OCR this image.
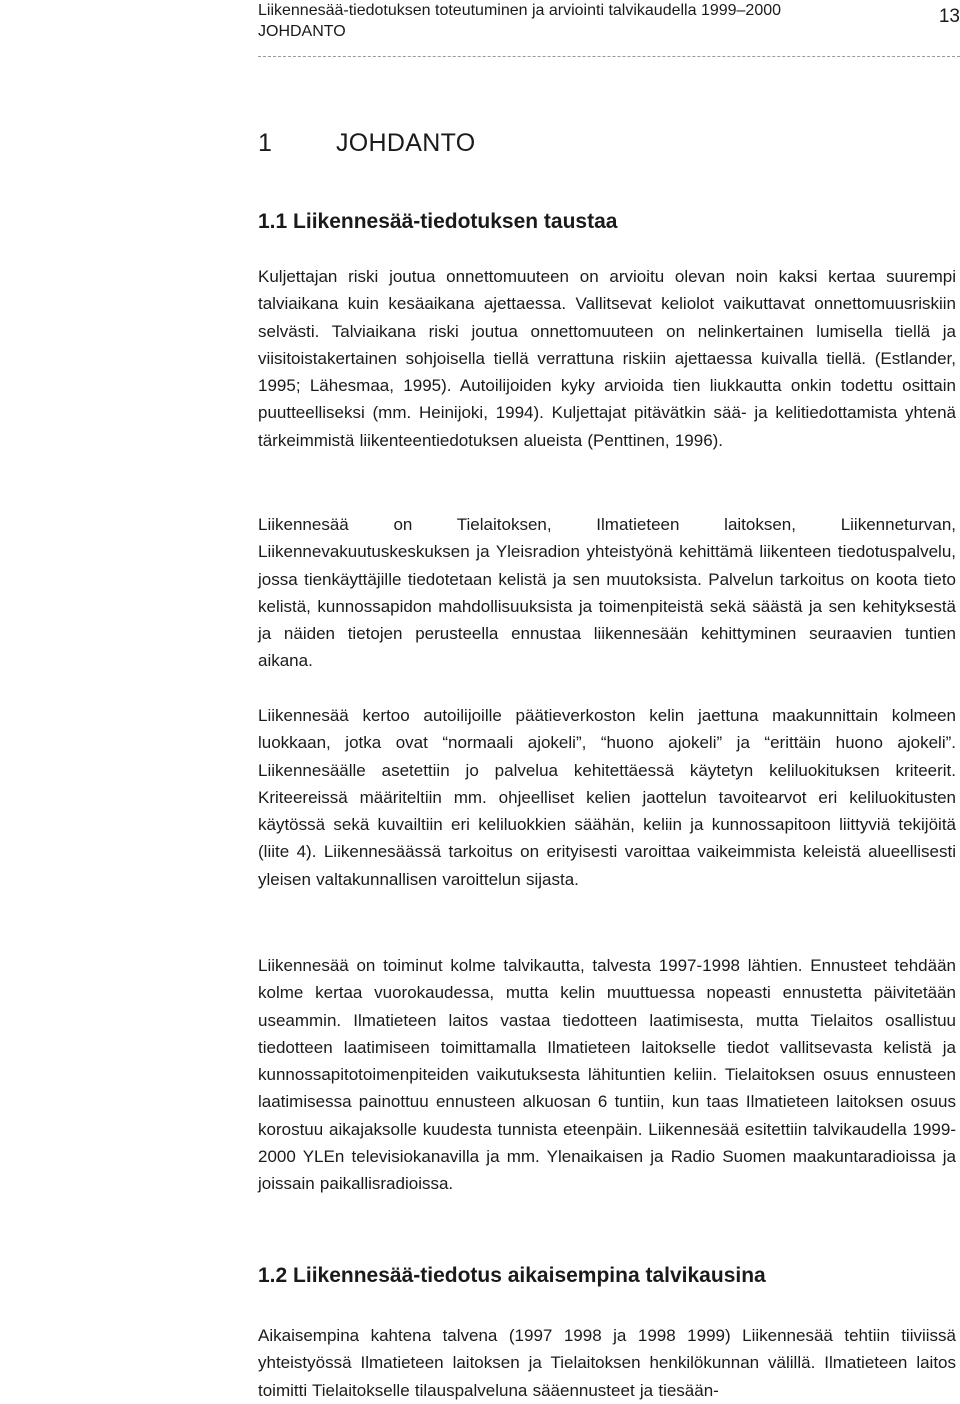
Liikennesää-tiedotuksen toteutuminen ja arviointi talvikaudella 1999–2000
JOHDANTO
13
1	JOHDANTO
1.1 Liikennesää-tiedotuksen taustaa

Kuljettajan riski joutua onnettomuuteen on arvioitu olevan noin kaksi kertaa suurempi talviaikana kuin kesäaikana ajettaessa. Vallitsevat keliolot vaikuttavat onnettomuusriskiin selvästi. Talviaikana riski joutua onnettomuuteen on nelinkertainen lumisella tiellä ja viisitoistakertainen sohjoisella tiellä verrattuna riskiin ajettaessa kuivalla tiellä. (Estlander, 1995; Lähesmaa, 1995). Autoilijoiden kyky arvioida tien liukkautta onkin todettu osittain puutteelliseksi (mm. Heinijoki, 1994). Kuljettajat pitävätkin sää- ja kelitiedottamista yhtenä tärkeimmistä liikenteentiedotuksen alueista (Penttinen, 1996).

Liikennesää on Tielaitoksen, Ilmatieteen laitoksen, Liikenneturvan, Liikennevakuutuskeskuksen ja Yleisradion yhteistyönä kehittämä liikenteen tiedotuspalvelu, jossa tienkäyttäjille tiedotetaan kelistä ja sen muutoksista. Palvelun tarkoitus on koota tieto kelistä, kunnossapidon mahdollisuuksista ja toimenpiteistä sekä säästä ja sen kehityksestä ja näiden tietojen perusteella ennustaa liikennesään kehittyminen seuraavien tuntien aikana.

Liikennesää kertoo autoilijoille päätieverkoston kelin jaettuna maakunnittain kolmeen luokkaan, jotka ovat “normaali ajokeli”, “huono ajokeli” ja “erittäin huono ajokeli”. Liikennesäälle asetettiin jo palvelua kehitettäessä käytetyn keliluokituksen kriteerit. Kriteereissä määriteltiin mm. ohjeelliset kelien jaottelun tavoitearvot eri keliluokitusten käytössä sekä kuvailtiin eri keliluokkien säähän, keliin ja kunnossapitoon liittyviä tekijöitä (liite 4). Liikennesäässä tarkoitus on erityisesti varoittaa vaikeimmista keleistä alueellisesti yleisen valtakunnallisen varoittelun sijasta.

Liikennesää on toiminut kolme talvikautta, talvesta 1997-1998 lähtien. Ennusteet tehdään kolme kertaa vuorokaudessa, mutta kelin muuttuessa nopeasti ennustetta päivitetään useammin. Ilmatieteen laitos vastaa tiedotteen laatimisesta, mutta Tielaitos osallistuu tiedotteen laatimiseen toimittamalla Ilmatieteen laitokselle tiedot vallitsevasta kelistä ja kunnossapitotoimenpiteiden vaikutuksesta lähituntien keliin. Tielaitoksen osuus ennusteen laatimisessa painottuu ennusteen alkuosan 6 tuntiin, kun taas Ilmatieteen laitoksen osuus korostuu aikajaksolle kuudesta tunnista eteenpäin. Liikennesää esitettiin talvikaudella 1999-2000 YLEn televisiokanavilla ja mm. Ylenaikaisen ja Radio Suomen maakuntaradioissa ja joissain paikallisradioissa.

1.2 Liikennesää-tiedotus aikaisempina talvikausina

Aikaisempina kahtena talvena (1997 1998 ja 1998 1999) Liikennesää tehtiin tiiviissä yhteistyössä Ilmatieteen laitoksen ja Tielaitoksen henkilökunnan välillä. Ilmatieteen laitos toimitti Tielaitokselle tilauspalveluna sääennusteet ja tiesään-
